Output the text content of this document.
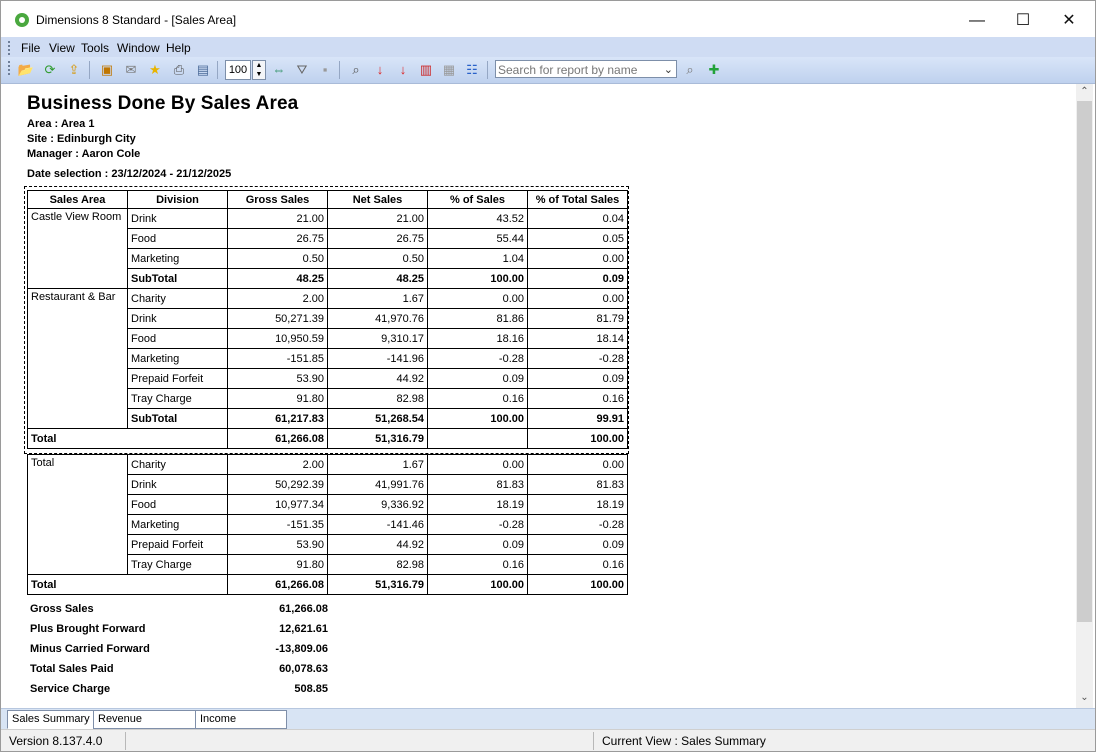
Dimensions 8 Standard - [Sales Area]	—	☐	✕
File View Tools Window Help
📂 ⟳ ⇪ ▣ ✉ ★ ⎙ ▤	100	▲
▼ ⇔ ⛛	▪	⌕	↓	↓	▥ ▦ ☷ Search for report by name ⌄	⌕	✚
Business Done By Sales Area
Area : Area 1
Site : Edinburgh City
Manager : Aaron Cole
Date selection : 23/12/2024 - 21/12/2025
Sales Area	Division	Gross Sales	Net Sales	% of Sales	% of Total Sales
Castle View Room	Drink	21.00	21.00	43.52	0.04
	Food	26.75	26.75	55.44	0.05
	Marketing	0.50	0.50	1.04	0.00
	SubTotal	48.25	48.25	100.00	0.09
Restaurant & Bar	Charity	2.00	1.67	0.00	0.00
	Drink	50,271.39	41,970.76	81.86	81.79
	Food	10,950.59	9,310.17	18.16	18.14
	Marketing	-151.85	-141.96	-0.28	-0.28
	Prepaid Forfeit	53.90	44.92	0.09	0.09
	Tray Charge	91.80	82.98	0.16	0.16
	SubTotal	61,217.83	51,268.54	100.00	99.91
Total		61,266.08	51,316.79		100.00
Total	Charity	2.00	1.67	0.00	0.00
	Drink	50,292.39	41,991.76	81.83	81.83
	Food	10,977.34	9,336.92	18.19	18.19
	Marketing	-151.35	-141.46	-0.28	-0.28
	Prepaid Forfeit	53.90	44.92	0.09	0.09
	Tray Charge	91.80	82.98	0.16	0.16
Total		61,266.08	51,316.79	100.00	100.00
Gross Sales	61,266.08
Plus Brought Forward	12,621.61
Minus Carried Forward	-13,809.06
Total Sales Paid	60,078.63
Service Charge	508.85
⌃
⌄
Sales Summary Revenue	Income
Version 8.137.4.0	Current View : Sales Summary
